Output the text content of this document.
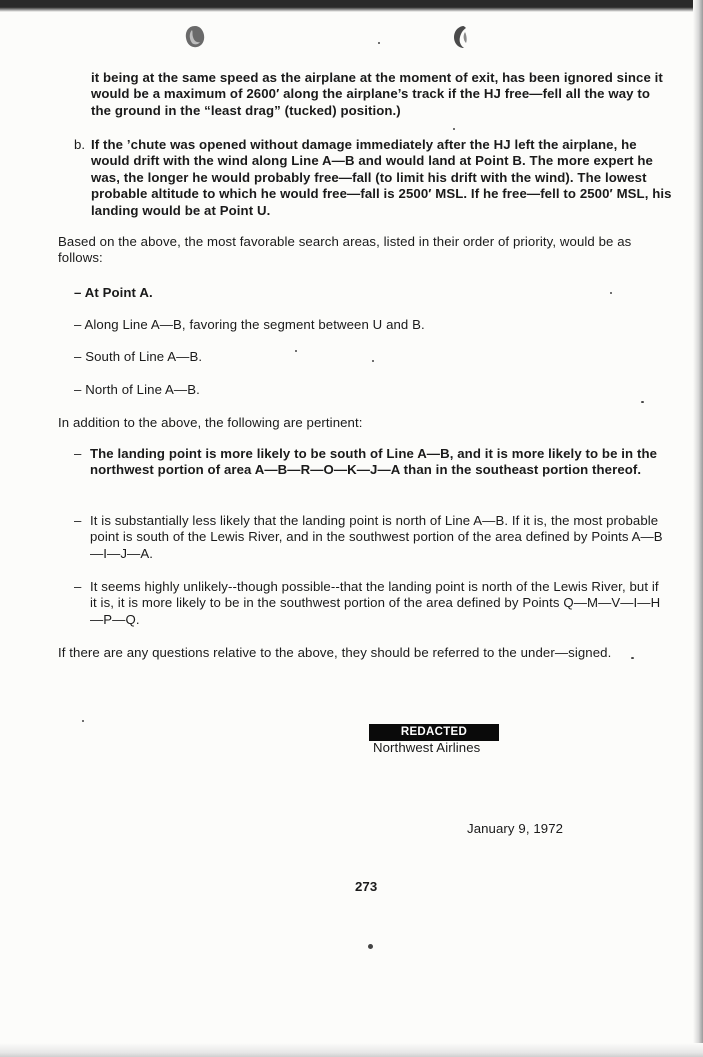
it being at the same speed as the airplane at the moment of exit, has been ignored since it would be a maximum of 2600′ along the airplane’s track if the HJ free—fell all the way to the ground in the “least drag” (tucked) position.)
b. If the ’chute was opened without damage immediately after the HJ left the airplane, he would drift with the wind along Line A—B and would land at Point B. The more expert he was, the longer he would probably free—fall (to limit his drift with the wind). The lowest probable altitude to which he would free—fall is 2500′ MSL. If he free—fell to 2500′ MSL, his landing would be at Point U.
Based on the above, the most favorable search areas, listed in their order of priority, would be as follows:
– At Point A.
– Along Line A—B, favoring the segment between U and B.
– South of Line A—B.
– North of Line A—B.
In addition to the above, the following are pertinent:
– The landing point is more likely to be south of Line A—B, and it is more likely to be in the northwest portion of area A—B—R—O—K—J—A than in the southeast portion thereof.
– It is substantially less likely that the landing point is north of Line A—B. If it is, the most probable point is south of the Lewis River, and in the southwest portion of the area defined by Points A—B—I—J—A.
– It seems highly unlikely--though possible--that the landing point is north of the Lewis River, but if it is, it is more likely to be in the southwest portion of the area defined by Points Q—M—V—I—H—P—Q.
If there are any questions relative to the above, they should be referred to the under—signed.
REDACTED
Northwest Airlines
January 9, 1972
273
